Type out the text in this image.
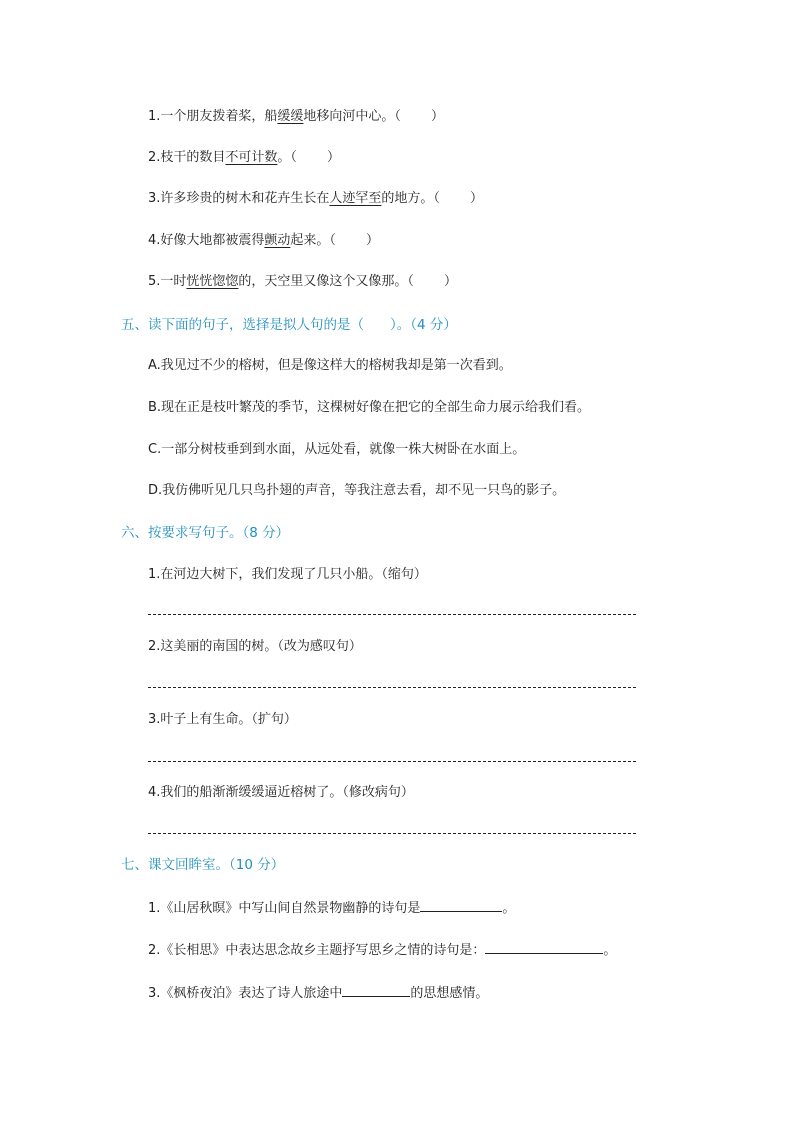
1.一个朋友拨着桨，船缓缓地移向河中心。（ ）
2.枝干的数目不可计数。（ ）
3.许多珍贵的树木和花卉生长在人迹罕至的地方。（ ）
4.好像大地都被震得颤动起来。（ ）
5.一时恍恍惚惚的，天空里又像这个又像那。（ ）
五、读下面的句子，选择是拟人句的是（ ）。（4 分）
A.我见过不少的榕树，但是像这样大的榕树我却是第一次看到。
B.现在正是枝叶繁茂的季节，这棵树好像在把它的全部生命力展示给我们看。
C.一部分树枝垂到到水面，从远处看，就像一株大树卧在水面上。
D.我仿佛听见几只鸟扑翅的声音，等我注意去看，却不见一只鸟的影子。
六、按要求写句子。（8 分）
1.在河边大树下，我们发现了几只小船。（缩句）
2.这美丽的南国的树。（改为感叹句）
3.叶子上有生命。（扩句）
4.我们的船渐渐缓缓逼近榕树了。（修改病句）
七、课文回眸室。（10 分）
1.《山居秋暝》中写山间自然景物幽静的诗句是	。
2.《长相思》中表达思念故乡主题抒写思乡之情的诗句是：	。
3.《枫桥夜泊》表达了诗人旅途中	的思想感情。
